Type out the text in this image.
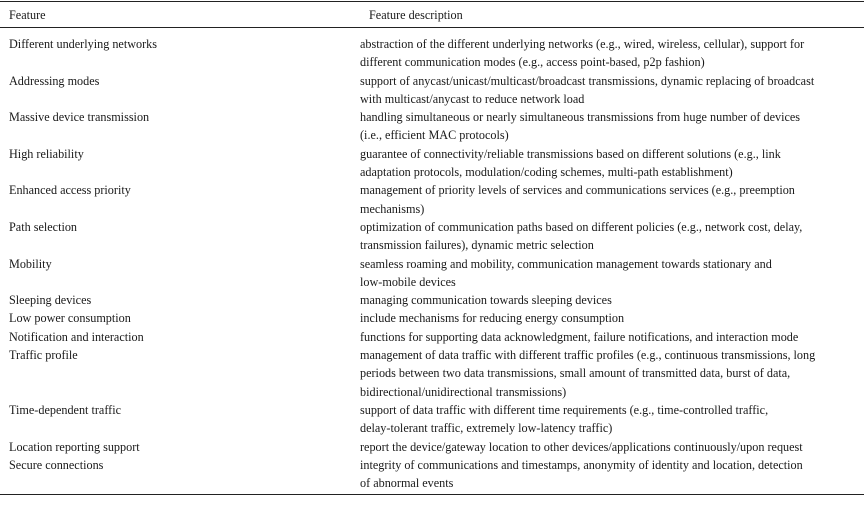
Feature	Feature description
Different underlying networks	abstraction of the different underlying networks (e.g., wired, wireless, cellular), support for
different communication modes (e.g., access point-based, p2p fashion)
Addressing modes	support of anycast/unicast/multicast/broadcast transmissions, dynamic replacing of broadcast
with multicast/anycast to reduce network load
Massive device transmission	handling simultaneous or nearly simultaneous transmissions from huge number of devices
(i.e., efficient MAC protocols)
High reliability	guarantee of connectivity/reliable transmissions based on different solutions (e.g., link
adaptation protocols, modulation/coding schemes, multi-path establishment)
Enhanced access priority	management of priority levels of services and communications services (e.g., preemption
mechanisms)
Path selection	optimization of communication paths based on different policies (e.g., network cost, delay,
transmission failures), dynamic metric selection
Mobility	seamless roaming and mobility, communication management towards stationary and
low-mobile devices
Sleeping devices	managing communication towards sleeping devices
Low power consumption	include mechanisms for reducing energy consumption
Notification and interaction	functions for supporting data acknowledgment, failure notifications, and interaction mode
Traffic profile	management of data traffic with different traffic profiles (e.g., continuous transmissions, long
periods between two data transmissions, small amount of transmitted data, burst of data,
bidirectional/unidirectional transmissions)
Time-dependent traffic	support of data traffic with different time requirements (e.g., time-controlled traffic,
delay-tolerant traffic, extremely low-latency traffic)
Location reporting support	report the device/gateway location to other devices/applications continuously/upon request
Secure connections	integrity of communications and timestamps, anonymity of identity and location, detection
of abnormal events
